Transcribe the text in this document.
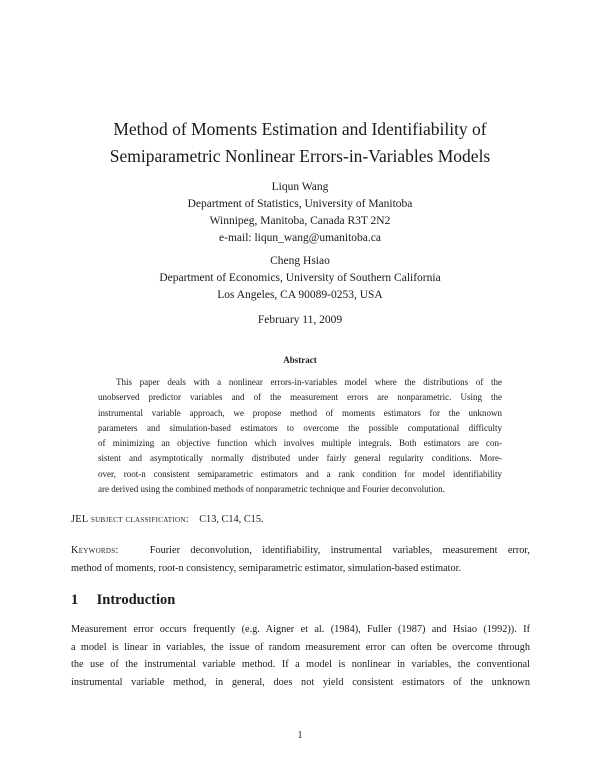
Method of Moments Estimation and Identifiability of
Semiparametric Nonlinear Errors-in-Variables Models
Liqun Wang
Department of Statistics, University of Manitoba
Winnipeg, Manitoba, Canada R3T 2N2
e-mail: liqun_wang@umanitoba.ca
Cheng Hsiao
Department of Economics, University of Southern California
Los Angeles, CA 90089-0253, USA
February 11, 2009
Abstract
This paper deals with a nonlinear errors-in-variables model where the distributions of the
unobserved predictor variables and of the measurement errors are nonparametric. Using the
instrumental variable approach, we propose method of moments estimators for the unknown
parameters and simulation-based estimators to overcome the possible computational difficulty
of minimizing an objective function which involves multiple integrals. Both estimators are con-
sistent and asymptotically normally distributed under fairly general regularity conditions. More-
over, root-n consistent semiparametric estimators and a rank condition for model identifiability
are derived using the combined methods of nonparametric technique and Fourier deconvolution.
JEL subject classification: C13, C14, C15.
Keywords:	Fourier deconvolution, identifiability, instrumental variables, measurement error,
method of moments, root-n consistency, semiparametric estimator, simulation-based estimator.
1 Introduction
Measurement error occurs frequently (e.g. Aigner et al. (1984), Fuller (1987) and Hsiao (1992)). If
a model is linear in variables, the issue of random measurement error can often be overcome through
the use of the instrumental variable method. If a model is nonlinear in variables, the conventional
instrumental variable method, in general, does not yield consistent estimators of the unknown
1
